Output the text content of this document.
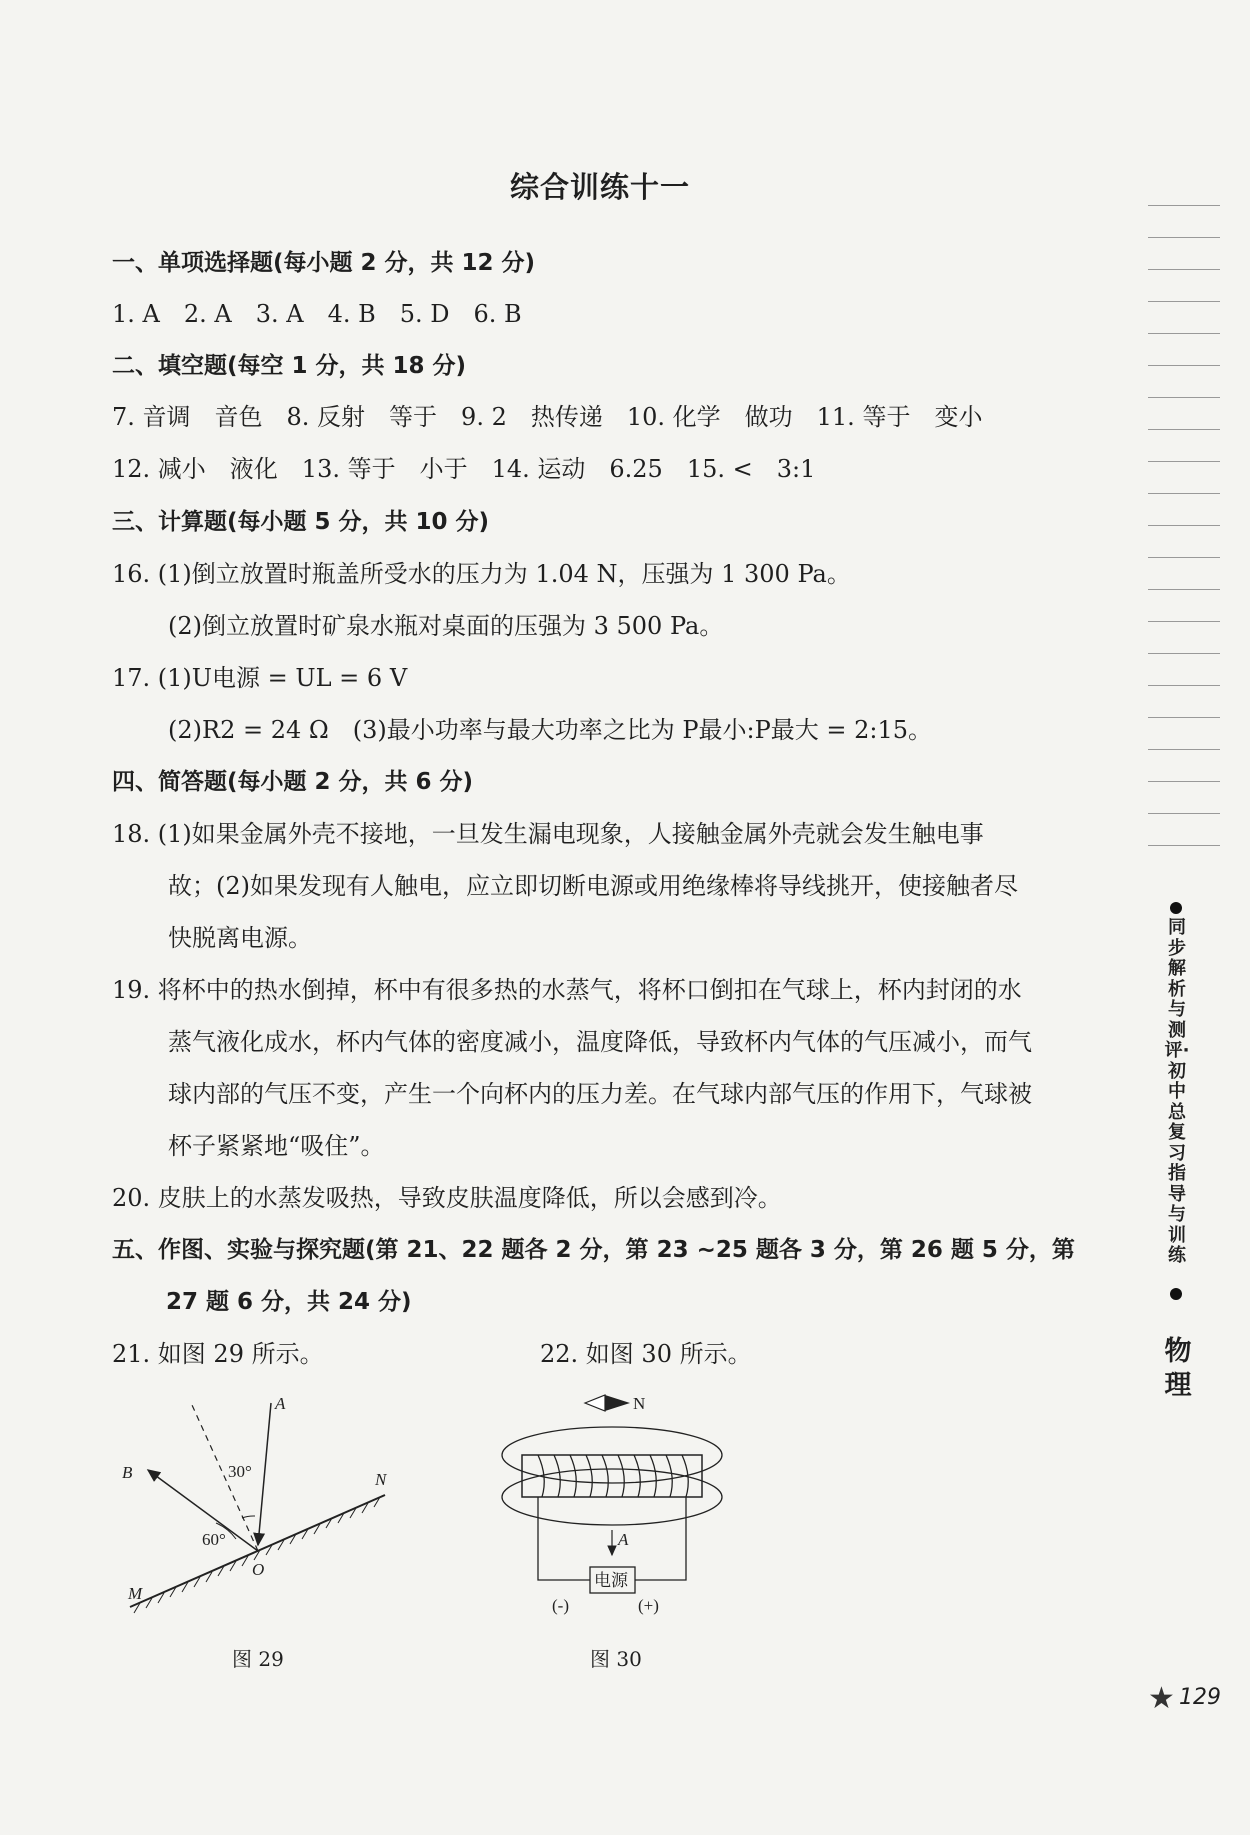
综合训练十一
一、单项选择题(每小题 2 分，共 12 分)
1. A　2. A　3. A　4. B　5. D　6. B
二、填空题(每空 1 分，共 18 分)
7. 音调　音色　8. 反射　等于　9. 2　热传递　10. 化学　做功　11. 等于　变小
12. 减小　液化　13. 等于　小于　14. 运动　6.25　15. <　3:1
三、计算题(每小题 5 分，共 10 分)
16. (1)倒立放置时瓶盖所受水的压力为 1.04 N，压强为 1 300 Pa。
(2)倒立放置时矿泉水瓶对桌面的压强为 3 500 Pa。
17. (1)U电源 = UL = 6 V
(2)R2 = 24 Ω　(3)最小功率与最大功率之比为 P最小:P最大 = 2:15。
四、简答题(每小题 2 分，共 6 分)
18. (1)如果金属外壳不接地，一旦发生漏电现象，人接触金属外壳就会发生触电事
故；(2)如果发现有人触电，应立即切断电源或用绝缘棒将导线挑开，使接触者尽
快脱离电源。
19. 将杯中的热水倒掉，杯中有很多热的水蒸气，将杯口倒扣在气球上，杯内封闭的水
蒸气液化成水，杯内气体的密度减小，温度降低，导致杯内气体的气压减小，而气
球内部的气压不变，产生一个向杯内的压力差。在气球内部气压的作用下，气球被
杯子紧紧地“吸住”。
20. 皮肤上的水蒸发吸热，导致皮肤温度降低，所以会感到冷。
五、作图、实验与探究题(第 21、22 题各 2 分，第 23 ~25 题各 3 分，第 26 题 5 分，第
27 题 6 分，共 24 分)
21. 如图 29 所示。	22. 如图 30 所示。
A
B	N
M
O
30°
60°
图 29
N
A
电源
(-)	(+)
图 30
同步解析与测评·初中总复习指导与训练
物理
★ 129
